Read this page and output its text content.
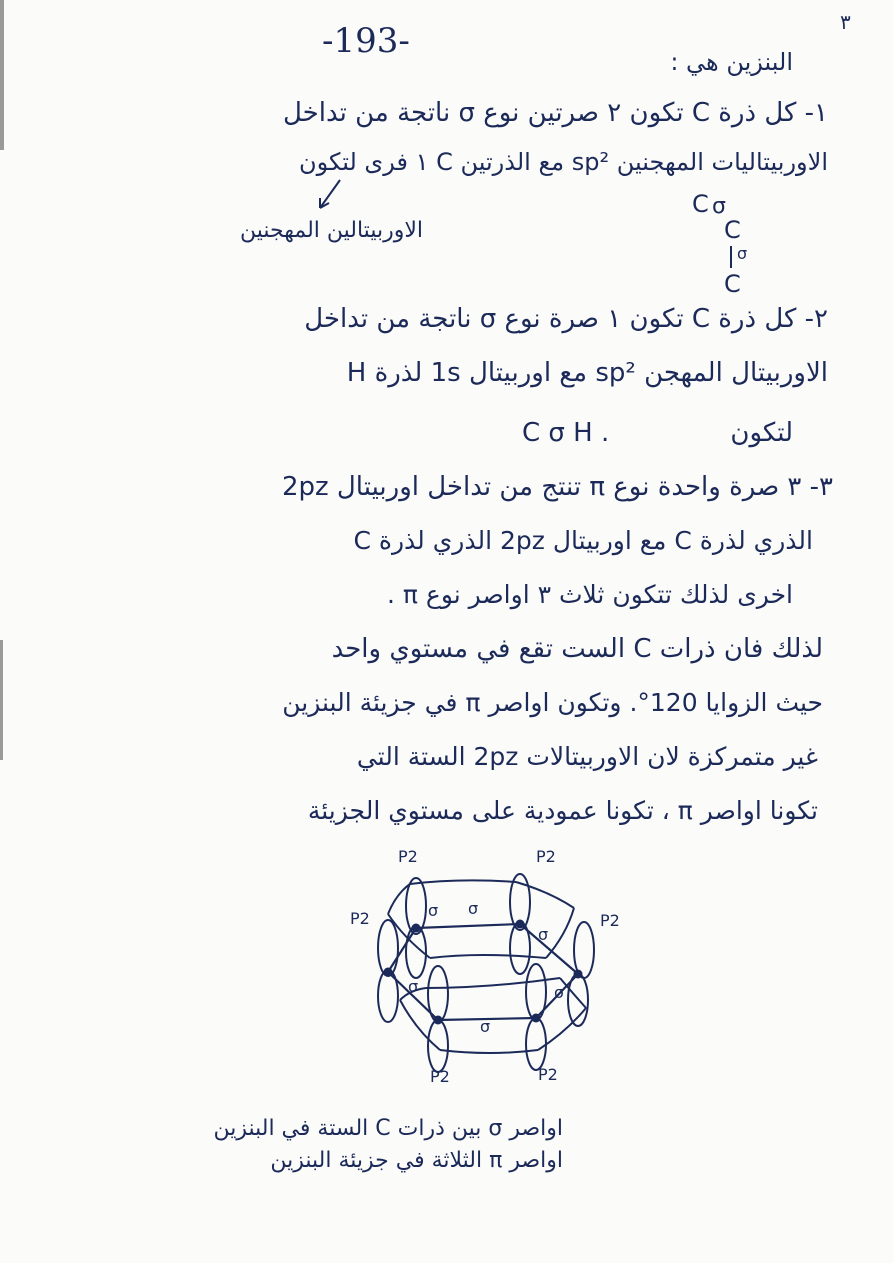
-193-	٣
البنزين هي :
١- كل ذرة C تكون ٢ صرتين نوع σ ناتجة من تداخل
الاوربيتاليات المهجنين sp² مع الذرتين C ١ فرى لتكون
الاوربيتالين المهجنين
C σ
C
σ
C
٢- كل ذرة C تكون ١ صرة نوع σ ناتجة من تداخل
الاوربيتال المهجن sp² مع اوربيتال 1s لذرة H
لتكون
C σ H .
٣- ٣ صرة واحدة نوع π تنتج من تداخل اوربيتال 2pz
الذري لذرة C مع اوربيتال 2pz الذري لذرة C
اخرى لذلك تتكون ثلاث ٣ اواصر نوع π .
لذلك فان ذرات C الست تقع في مستوي واحد
حيث الزوايا 120°. وتكون اواصر π في جزيئة البنزين
غير متمركزة لان الاوربيتالات 2pz الستة التي
تكونا اواصر π ، تكونا عمودية على مستوي الجزيئة
P2	P2
P2	P2
P2	P2
σ
σ
σ
σ	σ
σ
اواصر σ بين ذرات C الستة في البنزين
اواصر π الثلاثة في جزيئة البنزين
